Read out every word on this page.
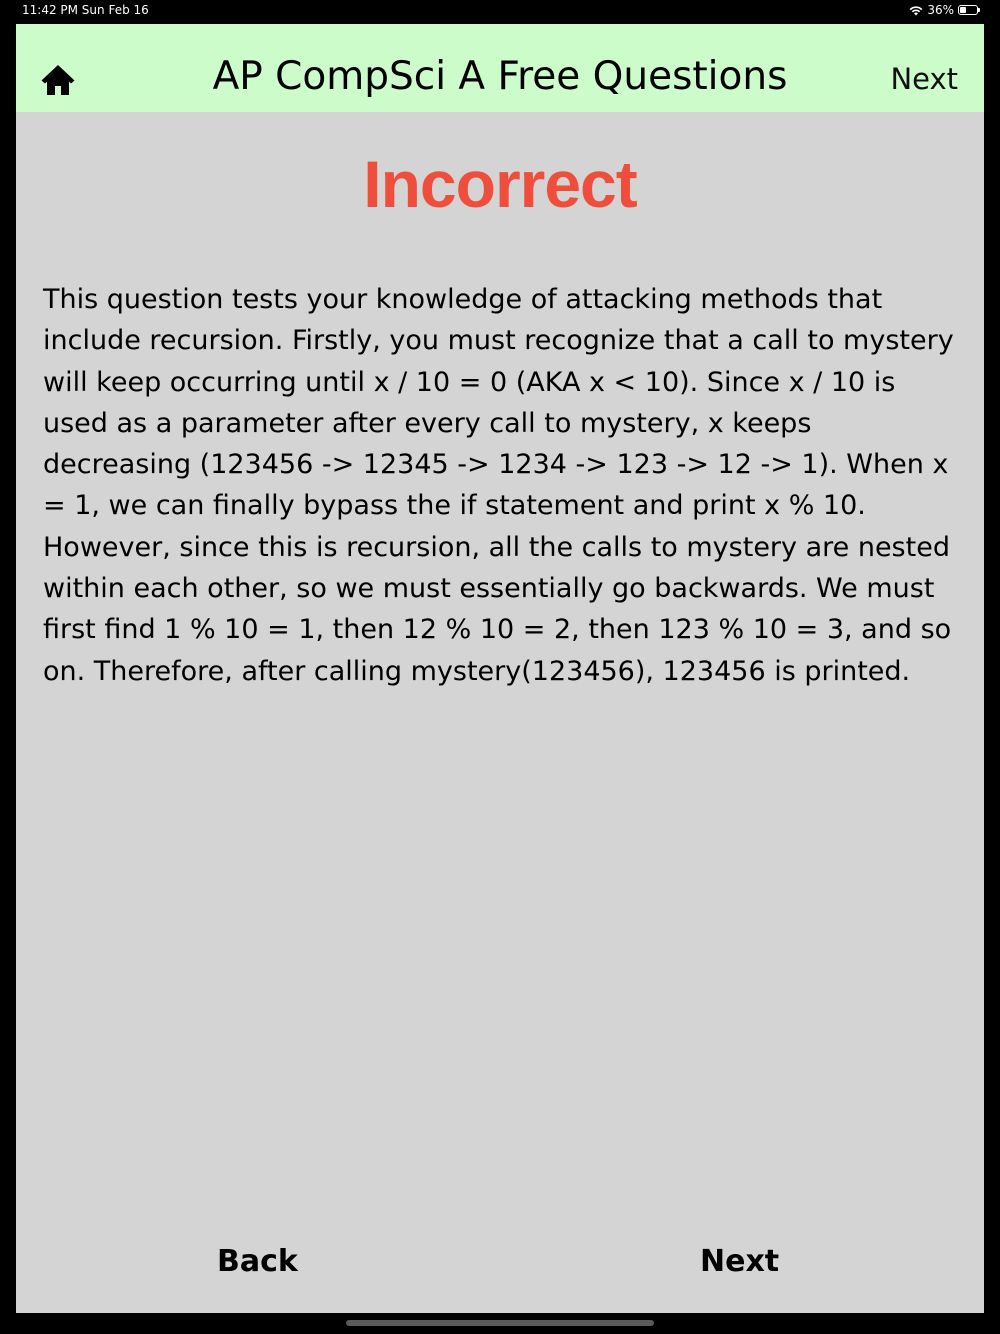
11:42 PM Sun Feb 16	36%
AP CompSci A Free Questions	Next
Incorrect
This question tests your knowledge of attacking methods that include recursion. Firstly, you must recognize that a call to mystery will keep occurring until x / 10 = 0 (AKA x < 10). Since x / 10 is used as a parameter after every call to mystery, x keeps decreasing (123456 -> 12345 -> 1234 -> 123 -> 12 -> 1). When x = 1, we can finally bypass the if statement and print x % 10. However, since this is recursion, all the calls to mystery are nested within each other, so we must essentially go backwards. We must first find 1 % 10 = 1, then 12 % 10 = 2, then 123 % 10 = 3, and so on. Therefore, after calling mystery(123456), 123456 is printed.
Back	Next
